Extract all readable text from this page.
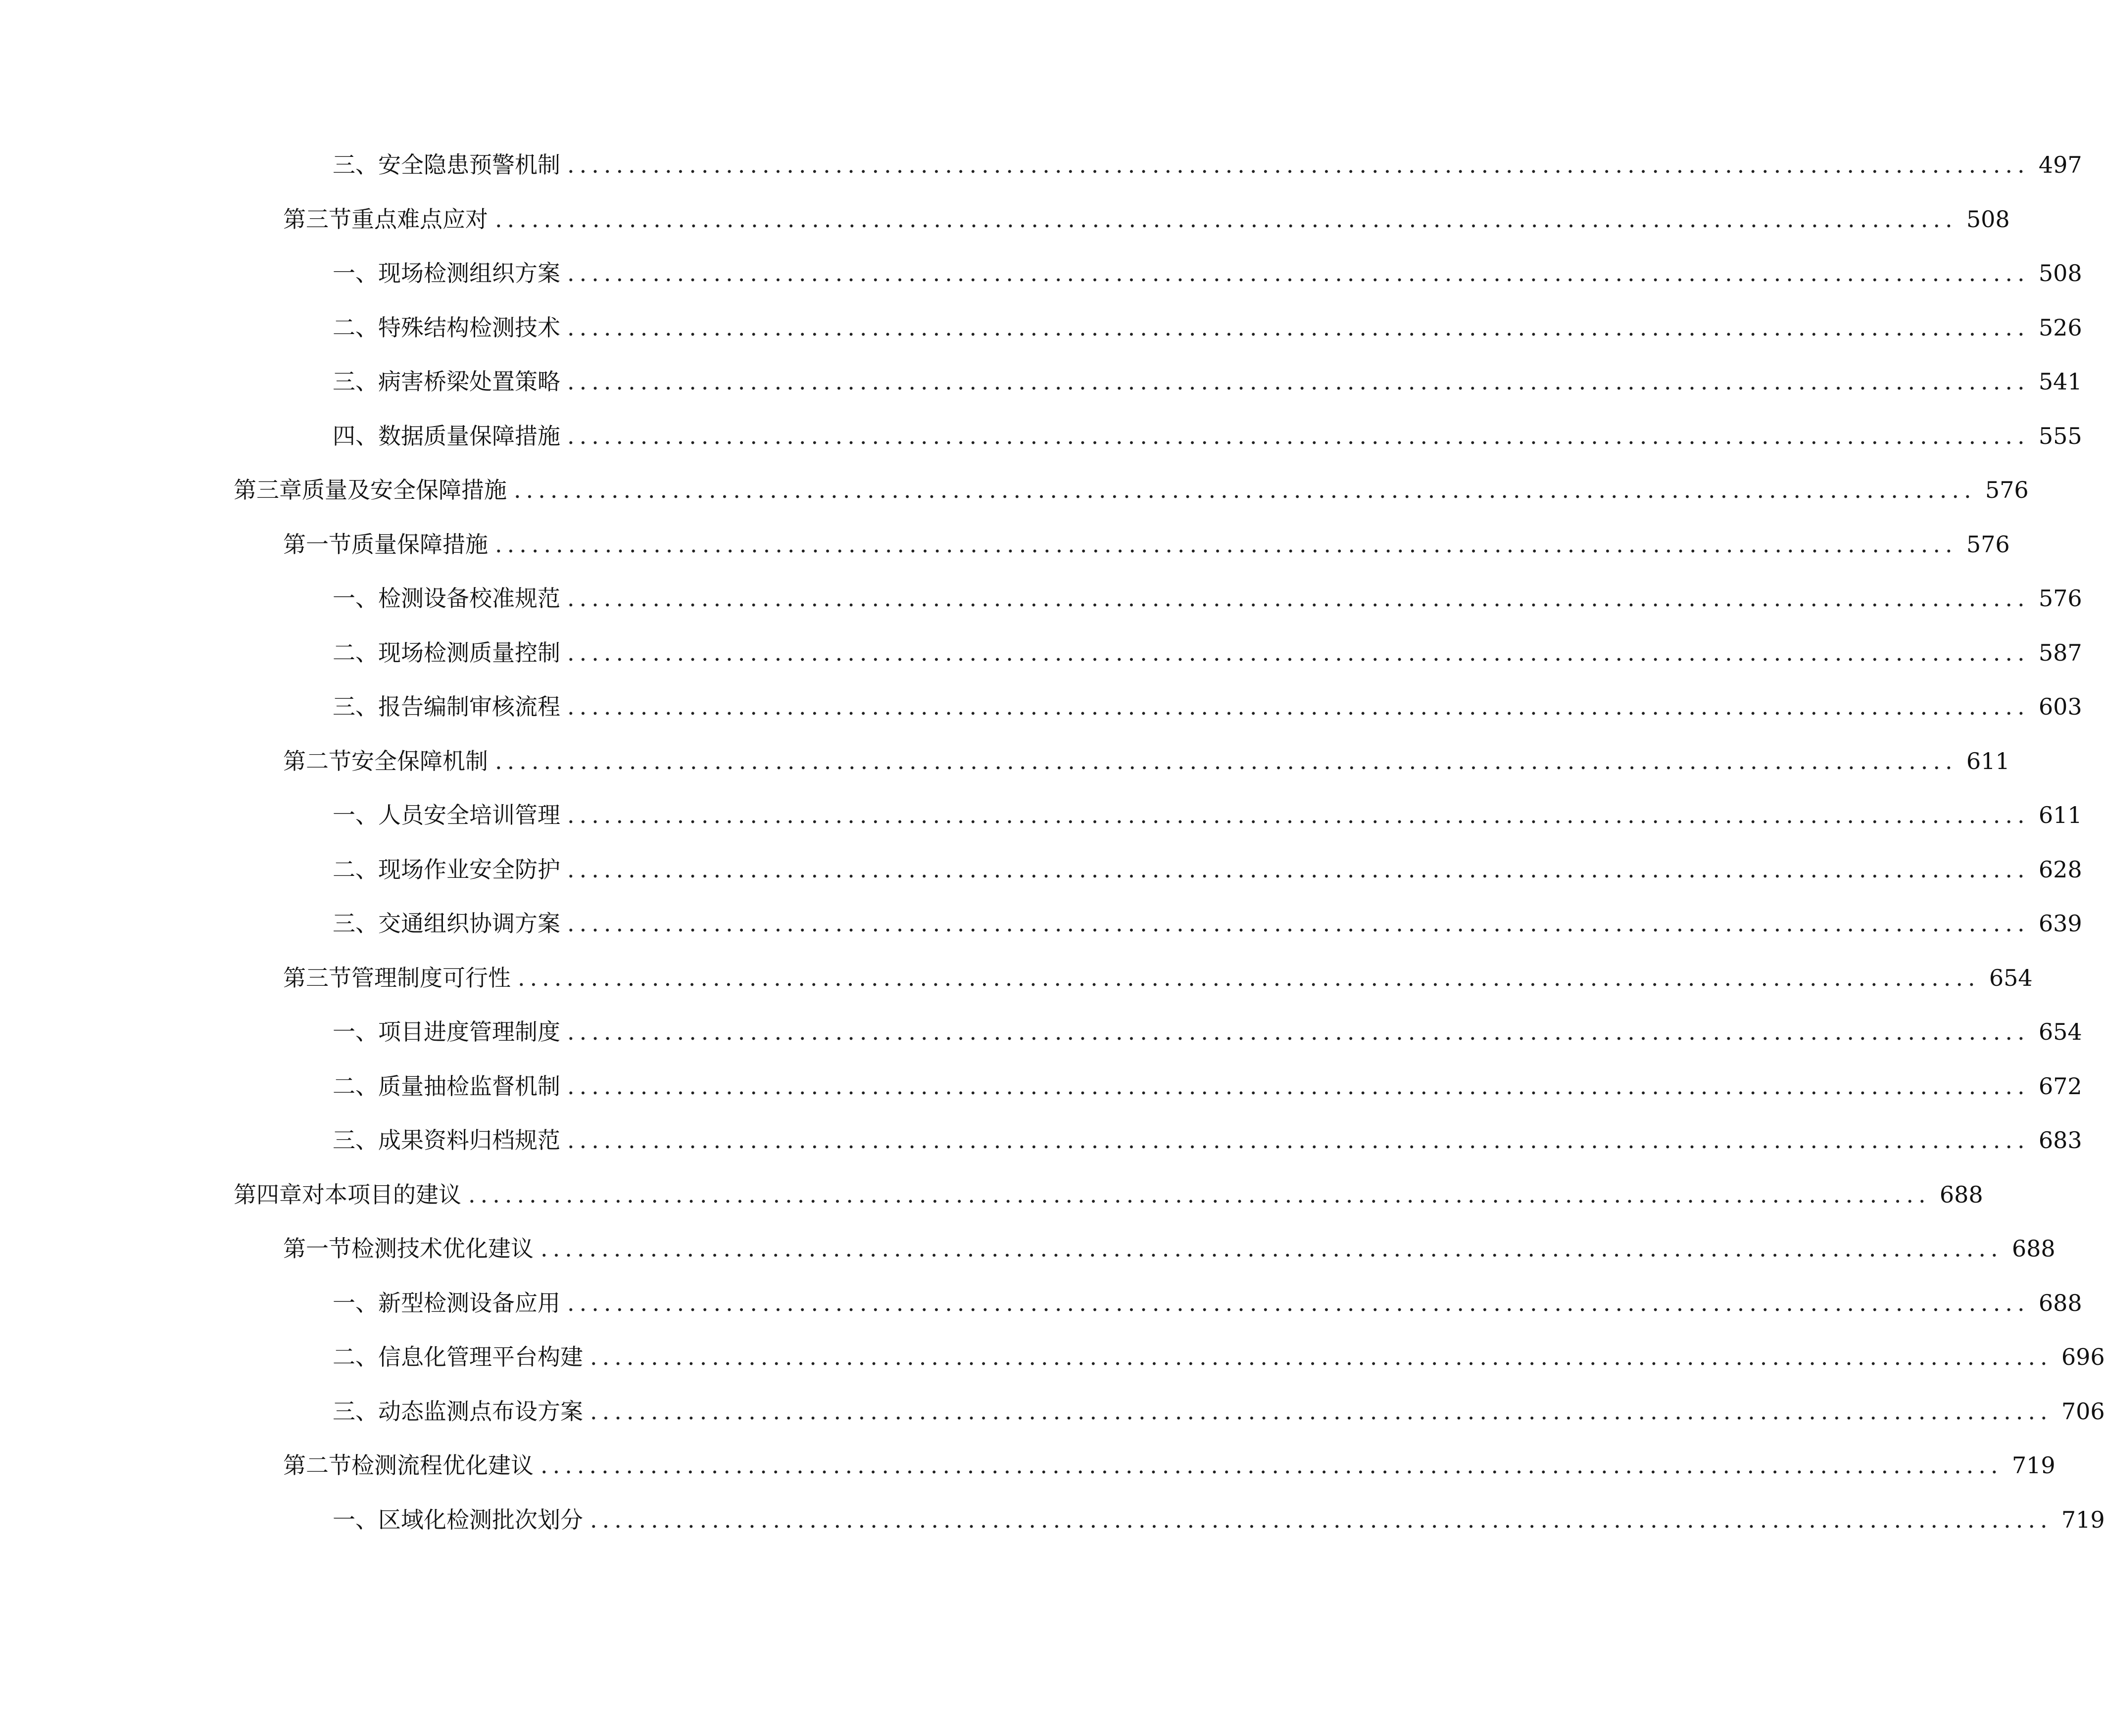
三、 安全隐患预警机制 ........................................................................................................................ 497
第三节 重点难点应对 ........................................................................................................................ 508
一、 现场检测组织方案 ........................................................................................................................ 508
二、 特殊结构检测技术 ........................................................................................................................ 526
三、 病害桥梁处置策略 ........................................................................................................................ 541
四、 数据质量保障措施 ........................................................................................................................ 555
第三章 质量及安全保障措施 ........................................................................................................................ 576
第一节 质量保障措施 ........................................................................................................................ 576
一、 检测设备校准规范 ........................................................................................................................ 576
二、 现场检测质量控制 ........................................................................................................................ 587
三、 报告编制审核流程 ........................................................................................................................ 603
第二节 安全保障机制 ........................................................................................................................ 611
一、 人员安全培训管理 ........................................................................................................................ 611
二、 现场作业安全防护 ........................................................................................................................ 628
三、 交通组织协调方案 ........................................................................................................................ 639
第三节 管理制度可行性 ........................................................................................................................ 654
一、 项目进度管理制度 ........................................................................................................................ 654
二、 质量抽检监督机制 ........................................................................................................................ 672
三、 成果资料归档规范 ........................................................................................................................ 683
第四章 对本项目的建议 ........................................................................................................................ 688
第一节 检测技术优化建议 ........................................................................................................................ 688
一、 新型检测设备应用 ........................................................................................................................ 688
二、 信息化管理平台构建 ........................................................................................................................ 696
三、 动态监测点布设方案 ........................................................................................................................ 706
第二节 检测流程优化建议 ........................................................................................................................ 719
一、 区域化检测批次划分 ........................................................................................................................ 719
